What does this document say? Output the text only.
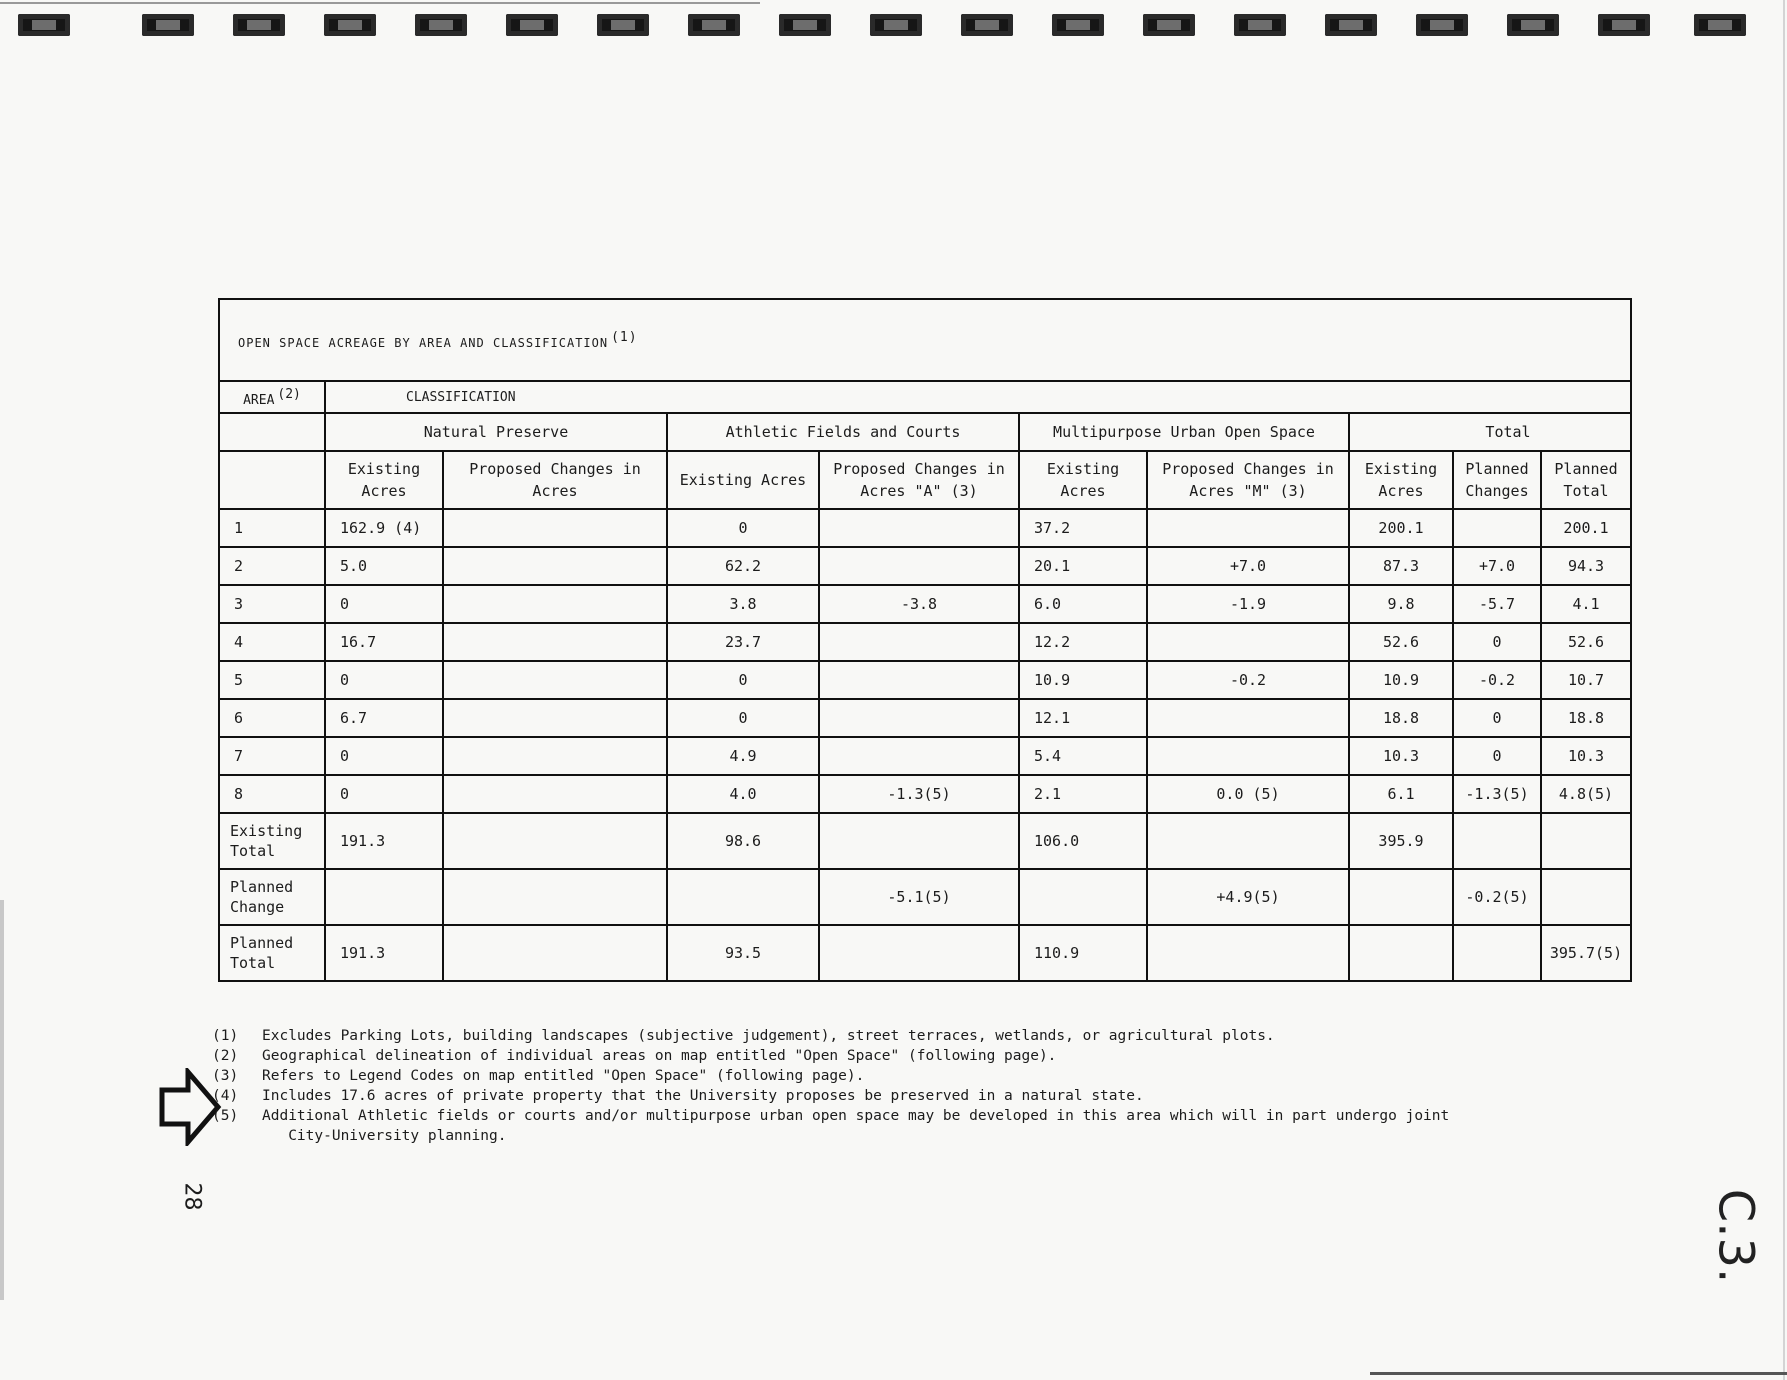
OPEN SPACE ACREAGE BY AREA AND CLASSIFICATION (1)									
AREA (2)	CLASSIFICATION								
	Natural Preserve		Athletic Fields and Courts		Multipurpose Urban Open Space		Total		
	Existing Acres	Proposed Changes in Acres	Existing Acres	Proposed Changes in Acres "A" (3)	Existing Acres	Proposed Changes in Acres "M" (3)	Existing Acres	Planned Changes	Planned Total
1	162.9 (4)		0		37.2		200.1		200.1
2	5.0		62.2		20.1	+7.0	87.3	+7.0	94.3
3	0		3.8	-3.8	6.0	-1.9	9.8	-5.7	4.1
4	16.7		23.7		12.2		52.6	0	52.6
5	0		0		10.9	-0.2	10.9	-0.2	10.7
6	6.7		0		12.1		18.8	0	18.8
7	0		4.9		5.4		10.3	0	10.3
8	0		4.0	-1.3(5)	2.1	0.0 (5)	6.1	-1.3(5)	4.8(5)
Existing Total	191.3		98.6		106.0		395.9		
Planned Change				-5.1(5)		+4.9(5)		-0.2(5)	
Planned Total	191.3		93.5		110.9				395.7(5)
(1)	Excludes Parking Lots, building landscapes (subjective judgement), street terraces, wetlands, or agricultural plots.
(2)	Geographical delineation of individual areas on map entitled "Open Space" (following page).
(3)	Refers to Legend Codes on map entitled "Open Space" (following page).
(4)	Includes 17.6 acres of private property that the University proposes be preserved in a natural state.
(5)	Additional Athletic fields or courts and/or multipurpose urban open space may be developed in this area which will in part undergo joint
City-University planning.
28	C.3.
